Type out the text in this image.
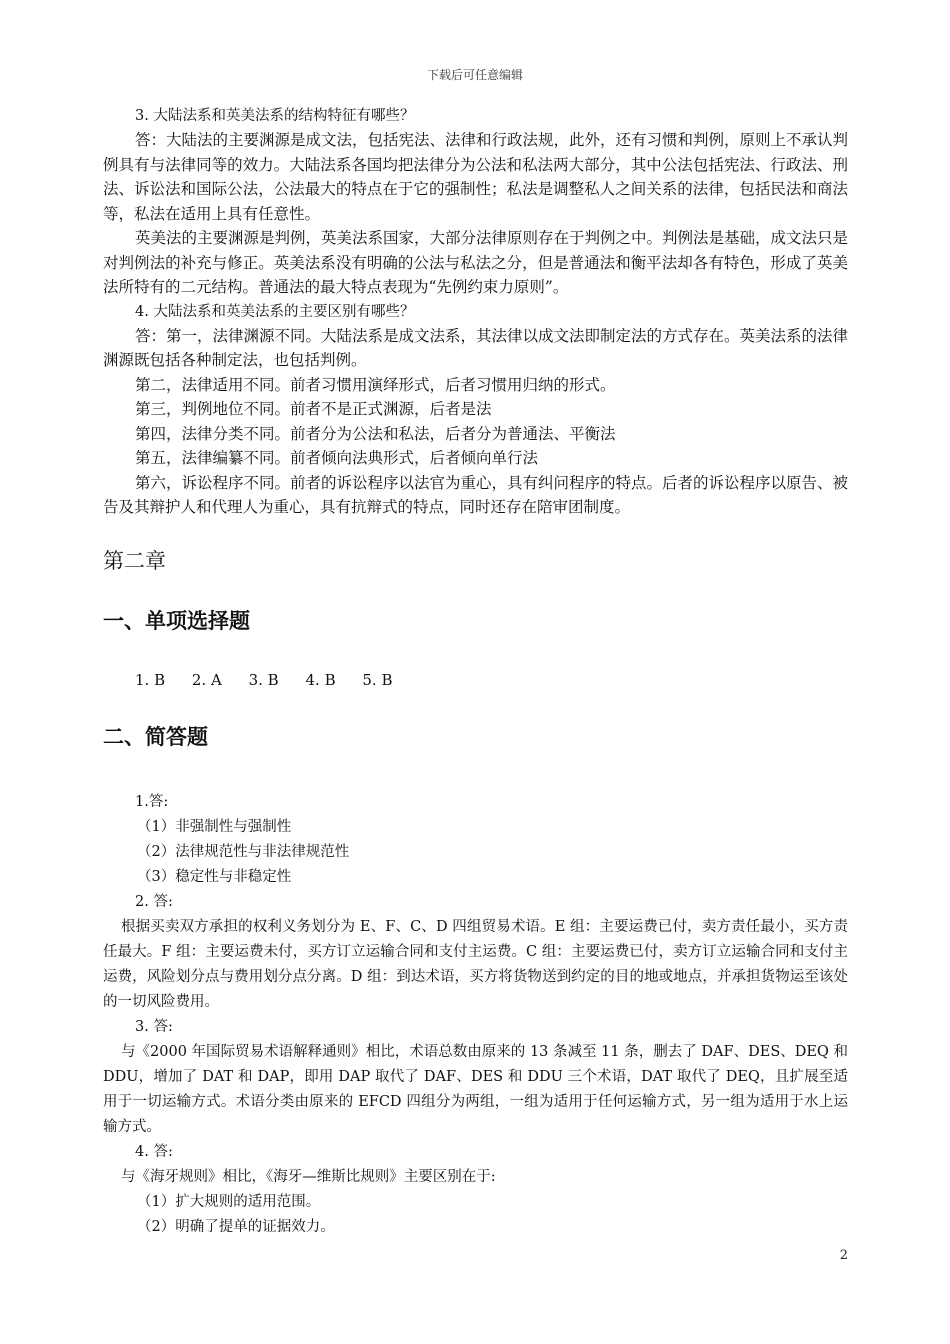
下载后可任意编辑

3. 大陆法系和英美法系的结构特征有哪些？

答：大陆法的主要渊源是成文法，包括宪法、法律和行政法规，此外，还有习惯和判例，原则上不承认判例具有与法律同等的效力。大陆法系各国均把法律分为公法和私法两大部分，其中公法包括宪法、行政法、刑法、诉讼法和国际公法，公法最大的特点在于它的强制性；私法是调整私人之间关系的法律，包括民法和商法等，私法在适用上具有任意性。

英美法的主要渊源是判例，英美法系国家，大部分法律原则存在于判例之中。判例法是基础，成文法只是对判例法的补充与修正。英美法系没有明确的公法与私法之分，但是普通法和衡平法却各有特色，形成了英美法所特有的二元结构。普通法的最大特点表现为“先例约束力原则”。

4. 大陆法系和英美法系的主要区别有哪些？

答：第一，法律渊源不同。大陆法系是成文法系，其法律以成文法即制定法的方式存在。英美法系的法律渊源既包括各种制定法，也包括判例。

第二，法律适用不同。前者习惯用演绎形式，后者习惯用归纳的形式。

第三，判例地位不同。前者不是正式渊源，后者是法

第四，法律分类不同。前者分为公法和私法，后者分为普通法、平衡法

第五，法律编纂不同。前者倾向法典形式，后者倾向单行法

第六，诉讼程序不同。前者的诉讼程序以法官为重心，具有纠问程序的特点。后者的诉讼程序以原告、被告及其辩护人和代理人为重心，具有抗辩式的特点，同时还存在陪审团制度。

第二章
一、单项选择题
1. B 2. A 3. B 4. B 5. B
二、简答题

1.答:

（1）非强制性与强制性

（2）法律规范性与非法律规范性

（3）稳定性与非稳定性

2. 答:

根据买卖双方承担的权利义务划分为 E、F、C、D 四组贸易术语。E 组：主要运费已付，卖方责任最小，买方责任最大。F 组：主要运费未付，买方订立运输合同和支付主运费。C 组：主要运费已付，卖方订立运输合同和支付主运费，风险划分点与费用划分点分离。D 组：到达术语，买方将货物送到约定的目的地或地点，并承担货物运至该处的一切风险费用。

3. 答:

与《2000 年国际贸易术语解释通则》相比，术语总数由原来的 13 条减至 11 条，删去了 DAF、DES、DEQ 和 DDU，增加了 DAT 和 DAP，即用 DAP 取代了 DAF、DES 和 DDU 三个术语，DAT 取代了 DEQ，且扩展至适用于一切运输方式。术语分类由原来的 EFCD 四组分为两组，一组为适用于任何运输方式，另一组为适用于水上运输方式。

4. 答:

与《海牙规则》相比，《海牙—维斯比规则》主要区别在于:

（1）扩大规则的适用范围。

（2）明确了提单的证据效力。

2
